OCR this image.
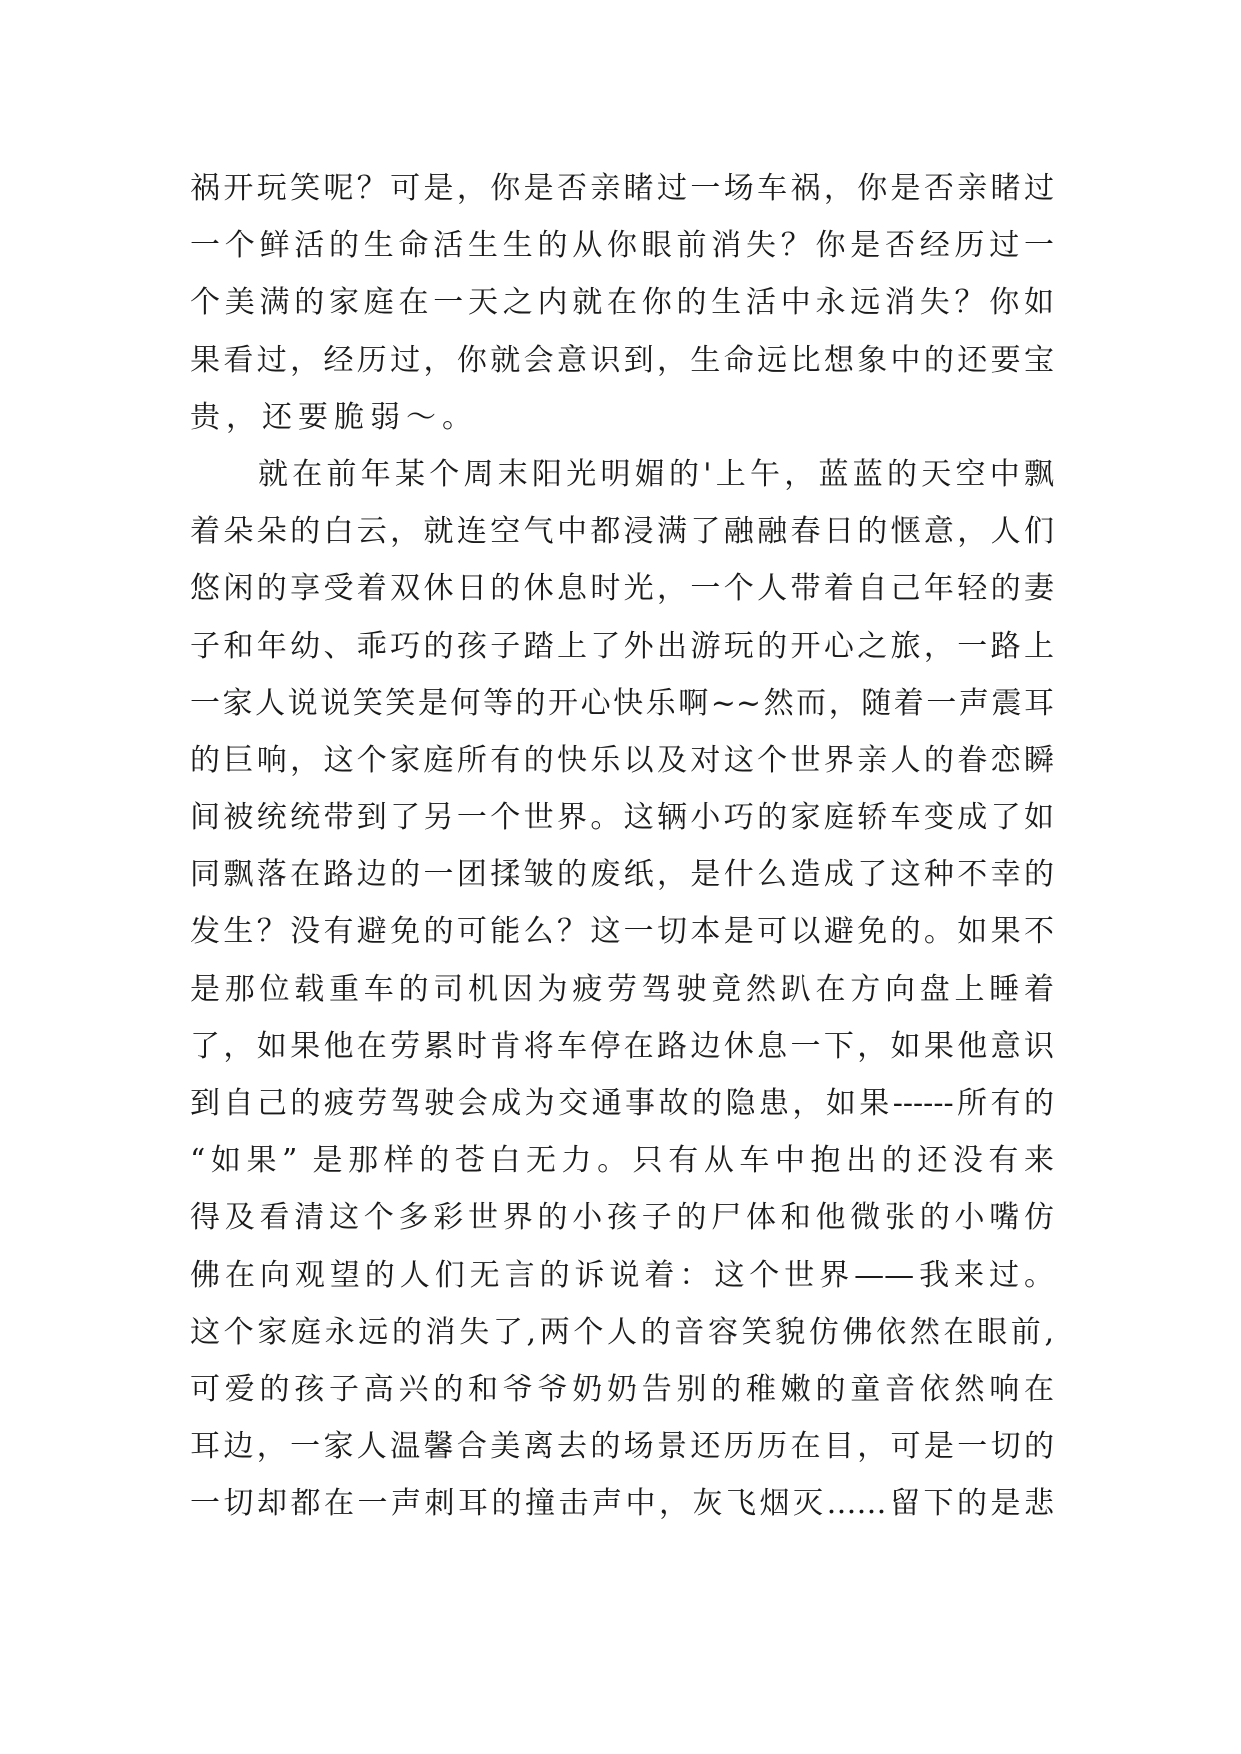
祸开玩笑呢？可是，你是否亲睹过一场车祸，你是否亲睹过
一个鲜活的生命活生生的从你眼前消失？你是否经历过一
个美满的家庭在一天之内就在你的生活中永远消失？你如
果看过，经历过，你就会意识到，生命远比想象中的还要宝
贵，还要脆弱～。
就在前年某个周末阳光明媚的'上午，蓝蓝的天空中飘
着朵朵的白云，就连空气中都浸满了融融春日的惬意，人们
悠闲的享受着双休日的休息时光，一个人带着自己年轻的妻
子和年幼、乖巧的孩子踏上了外出游玩的开心之旅，一路上
一家人说说笑笑是何等的开心快乐啊~~然而，随着一声震耳
的巨响，这个家庭所有的快乐以及对这个世界亲人的眷恋瞬
间被统统带到了另一个世界。这辆小巧的家庭轿车变成了如
同飘落在路边的一团揉皱的废纸，是什么造成了这种不幸的
发生？没有避免的可能么？这一切本是可以避免的。如果不
是那位载重车的司机因为疲劳驾驶竟然趴在方向盘上睡着
了，如果他在劳累时肯将车停在路边休息一下，如果他意识
到自己的疲劳驾驶会成为交通事故的隐患，如果------所有的
“如果” 是那样的苍白无力。只有从车中抱出的还没有来
得及看清这个多彩世界的小孩子的尸体和他微张的小嘴仿
佛在向观望的人们无言的诉说着：这个世界——我来过。
这个家庭永远的消失了,两个人的音容笑貌仿佛依然在眼前,
可爱的孩子高兴的和爷爷奶奶告别的稚嫩的童音依然响在
耳边，一家人温馨合美离去的场景还历历在目，可是一切的
一切却都在一声刺耳的撞击声中，灰飞烟灭……留下的是悲
